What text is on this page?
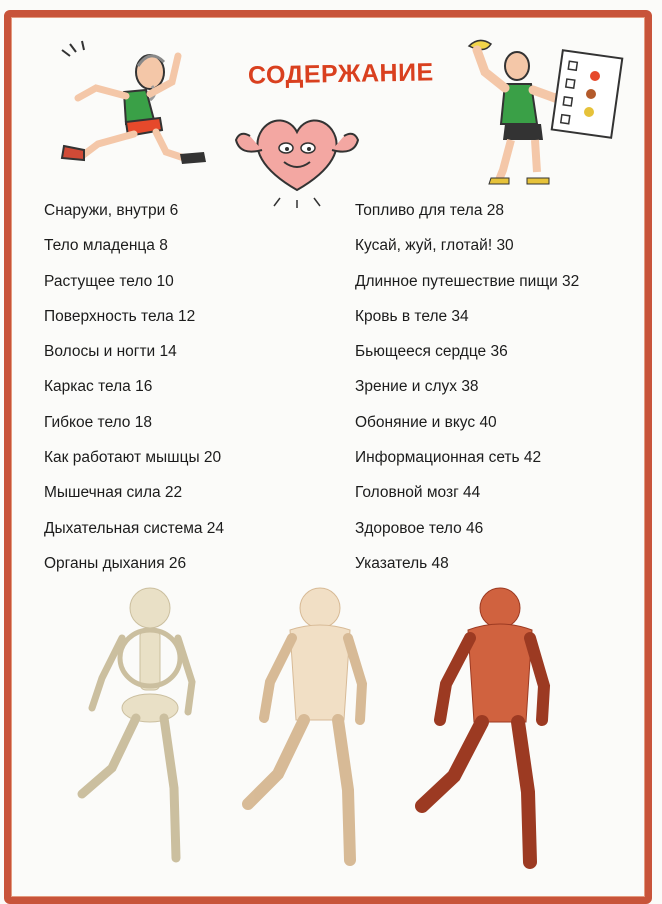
СОДЕРЖАНИЕ
Снаружи, внутри 6
Тело младенца 8
Растущее тело 10
Поверхность тела 12
Волосы и ногти 14
Каркас тела 16
Гибкое тело 18
Как работают мышцы 20
Мышечная сила 22
Дыхательная система 24
Органы дыхания 26
Топливо для тела 28
Кусай, жуй, глотай! 30
Длинное путешествие пищи 32
Кровь в теле 34
Бьющееся сердце 36
Зрение и слух 38
Обоняние и вкус 40
Информационная сеть 42
Головной мозг 44
Здоровое тело 46
Указатель 48
